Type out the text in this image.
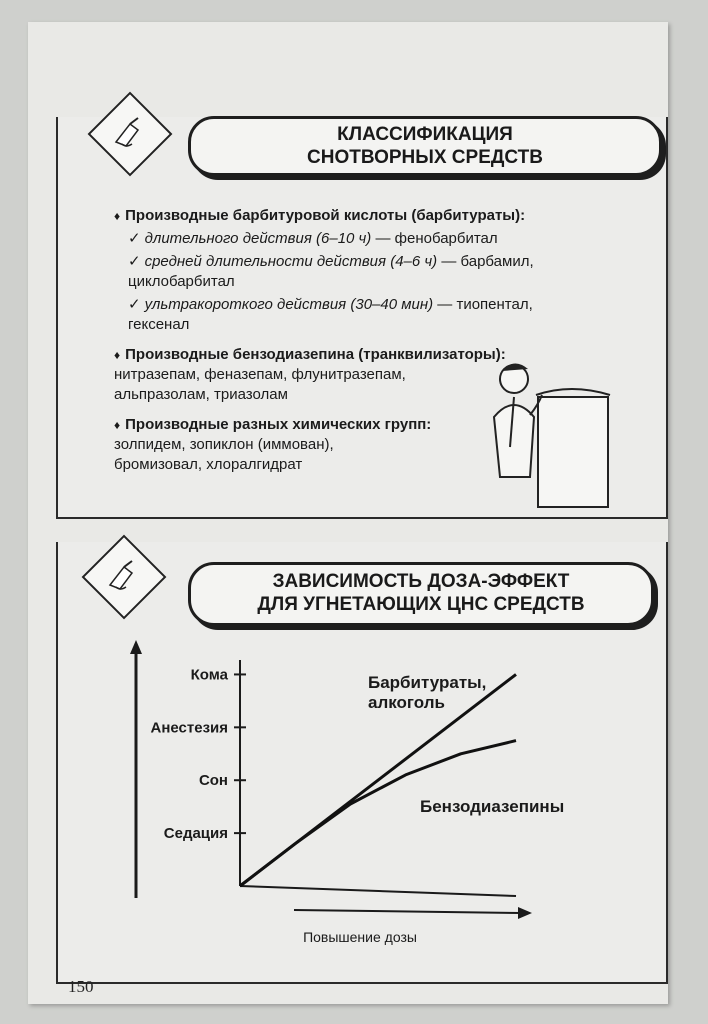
КЛАССИФИКАЦИЯ
СНОТВОРНЫХ СРЕДСТВ
♦ Производные барбитуровой кислоты (барбитураты):
✓ длительного действия (6–10 ч) — фенобарбитал
✓ средней длительности действия (4–6 ч) — барбамил, циклобарбитал
✓ ультракороткого действия (30–40 мин) — тиопентал, гексенал
♦ Производные бензодиазепина (транквилизаторы):
нитразепам, феназепам, флунитразепам, альпразолам, триазолам
♦ Производные разных химических групп:
золпидем, зопиклон (иммован),
бромизовал, хлоралгидрат
ЗАВИСИМОСТЬ ДОЗА-ЭФФЕКТ
ДЛЯ УГНЕТАЮЩИХ ЦНС СРЕДСТВ
Повышение дозы
Седация
Сон
Анестезия
Кома	Барбитураты,
алкоголь
Бензодиазепины
150
